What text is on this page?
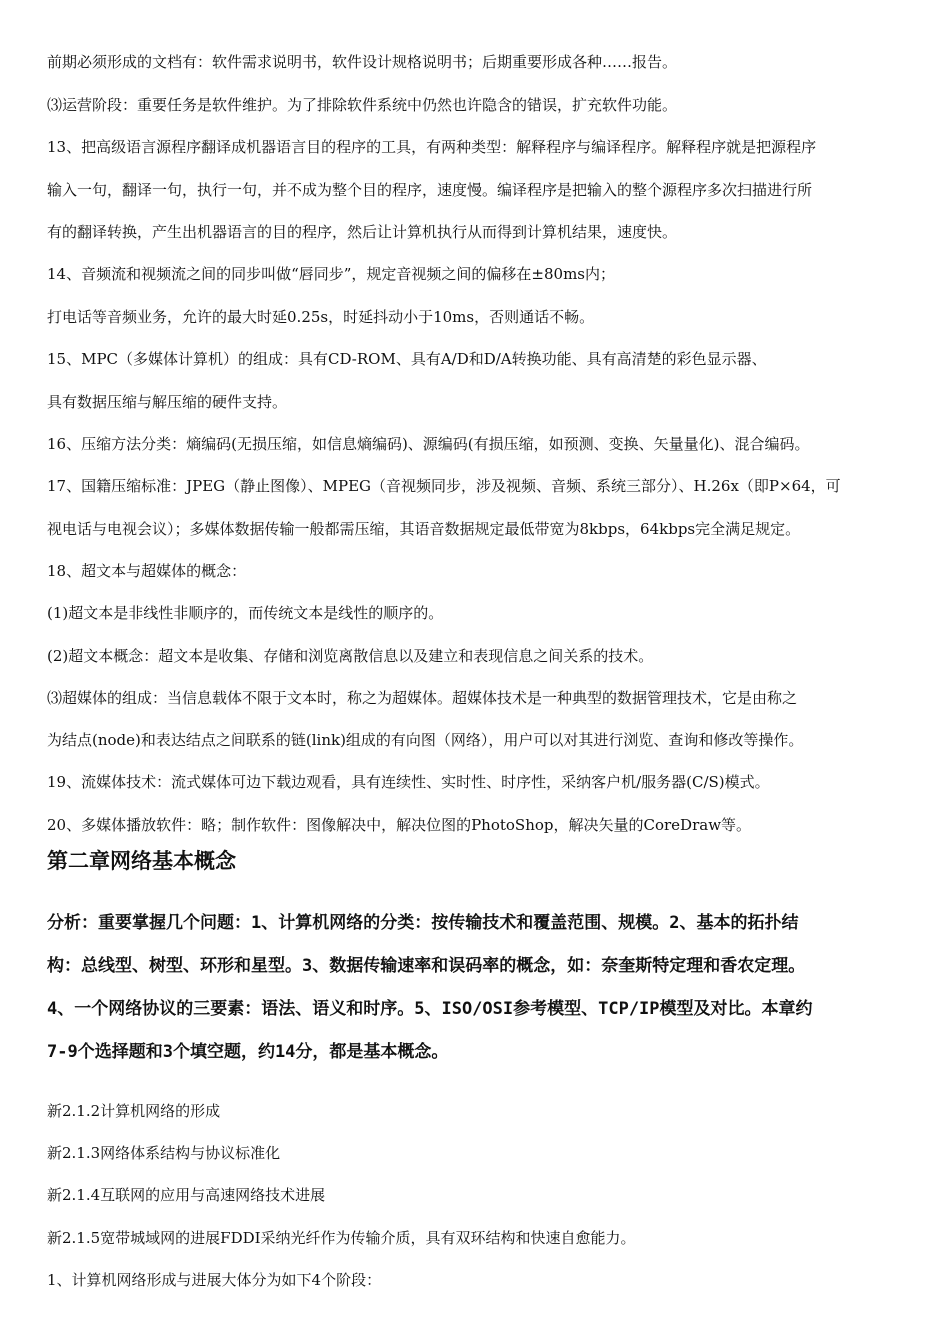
前期必须形成的文档有：软件需求说明书，软件设计规格说明书；后期重要形成各种……报告。
⑶运营阶段：重要任务是软件维护。为了排除软件系统中仍然也许隐含的错误，扩充软件功能。
13、把高级语言源程序翻译成机器语言目的程序的工具，有两种类型：解释程序与编译程序。解释程序就是把源程序
输入一句，翻译一句，执行一句，并不成为整个目的程序，速度慢。编译程序是把输入的整个源程序多次扫描进行所
有的翻译转换，产生出机器语言的目的程序，然后让计算机执行从而得到计算机结果，速度快。
14、音频流和视频流之间的同步叫做“唇同步”，规定音视频之间的偏移在±80ms内；
打电话等音频业务，允许的最大时延0.25s，时延抖动小于10ms，否则通话不畅。
15、MPC（多媒体计算机）的组成：具有CD-ROM、具有A/D和D/A转换功能、具有高清楚的彩色显示器、
具有数据压缩与解压缩的硬件支持。
16、压缩方法分类：熵编码(无损压缩，如信息熵编码)、源编码(有损压缩，如预测、变换、矢量量化)、混合编码。
17、国籍压缩标准：JPEG（静止图像）、MPEG（音视频同步，涉及视频、音频、系统三部分）、H.26x（即P×64，可
视电话与电视会议）；多媒体数据传输一般都需压缩，其语音数据规定最低带宽为8kbps，64kbps完全满足规定。
18、超文本与超媒体的概念：
(1)超文本是非线性非顺序的，而传统文本是线性的顺序的。
(2)超文本概念：超文本是收集、存储和浏览离散信息以及建立和表现信息之间关系的技术。
⑶超媒体的组成：当信息载体不限于文本时，称之为超媒体。超媒体技术是一种典型的数据管理技术，它是由称之
为结点(node)和表达结点之间联系的链(link)组成的有向图（网络），用户可以对其进行浏览、查询和修改等操作。
19、流媒体技术：流式媒体可边下载边观看，具有连续性、实时性、时序性，采纳客户机/服务器(C/S)模式。
20、多媒体播放软件：略；制作软件：图像解决中，解决位图的PhotoShop，解决矢量的CoreDraw等。
第二章网络基本概念
分析：重要掌握几个问题：1、计算机网络的分类：按传输技术和覆盖范围、规模。2、基本的拓扑结
构：总线型、树型、环形和星型。3、数据传输速率和误码率的概念，如：奈奎斯特定理和香农定理。
4、一个网络协议的三要素：语法、语义和时序。5、ISO/OSI参考模型、TCP/IP模型及对比。本章约
7-9个选择题和3个填空题，约14分，都是基本概念。
新2.1.2计算机网络的形成
新2.1.3网络体系结构与协议标准化
新2.1.4互联网的应用与高速网络技术进展
新2.1.5宽带城域网的进展FDDI采纳光纤作为传输介质，具有双环结构和快速自愈能力。
1、计算机网络形成与进展大体分为如下4个阶段：
